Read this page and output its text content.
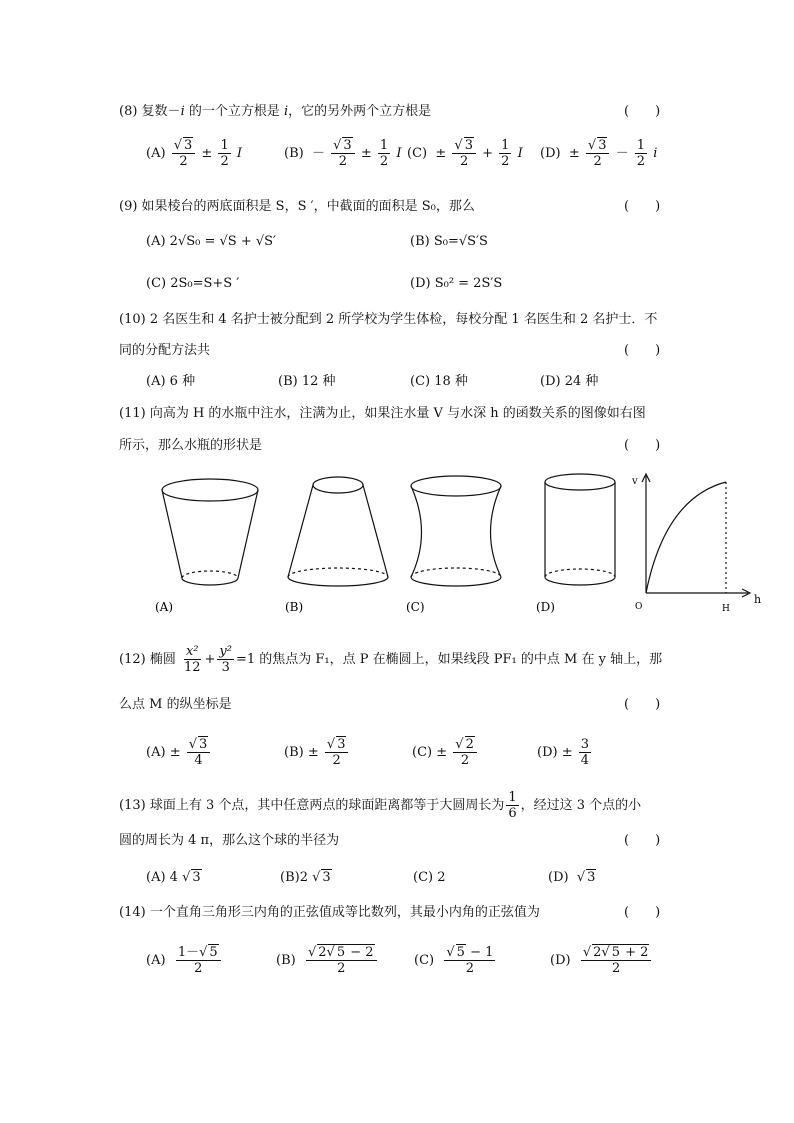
(8) 复数－i 的一个立方根是 i，它的另外两个立方根是	(　　)
$(A) \frac{√ 3}{2} \pm \frac{1}{2}$ I	$(B) - \frac{√ 3}{2} \pm \frac{1}{2}$ I $(C) \pm \frac{√ 3}{2} + \frac{1}{2}$ I $(D) \pm \frac{√ 3}{2} - \frac{1}{2}$ i
(9) 如果棱台的两底面积是 S，S ′，中截面的面积是 S₀，那么	(　　)
(A) 2√S₀ = √S + √S′	(B) S₀=√S′S
(C) 2S₀=S+S ′	(D) S₀² = 2S′S
(10) 2 名医生和 4 名护士被分配到 2 所学校为学生体检，每校分配 1 名医生和 2 名护士．不
同的分配方法共	(　　)
(A) 6 种	(B) 12 种	(C) 18 种	(D) 24 种
(11) 向高为 H 的水瓶中注水，注满为止，如果注水量 V 与水深 h 的函数关系的图像如右图
所示，那么水瓶的形状是	(　　)
(A)	(B)	(C)	(D)
v
h
O	H
(12) 椭圆 $\frac{\text{x²}}{12} + \frac{\text{y²}}{3} =1$ 的焦点为 F₁，点 P 在椭圆上，如果线段 PF₁ 的中点 M 在 y 轴上，那
么点 M 的纵坐标是	(　　)
$(A) \pm \frac{√ 3}{4}$	$(B) \pm \frac{√ 3}{2}$	$(C) \pm \frac{√ 2}{2}$	$(D) \pm \frac{3}{4}$
(13) 球面上有 3 个点，其中任意两点的球面距离都等于大圆周长为 $\frac{1}{6}$ ，经过这 3 个点的小
圆的周长为 4 π，那么这个球的半径为	(　　)
(A) 4 √ 3	(B)2 √ 3	(C) 2	(D)  √ 3
(14) 一个直角三角形三内角的正弦值成等比数列，其最小内角的正弦值为	(　　)
$(A) \frac{1-√ 5}{2}$	$(B) \frac{√ 2√ 5 - 2}{2}$	$(C) \frac{√ 5 - 1}{2}$	$(D) \frac{√ 2√ 5 + 2}{2}$
